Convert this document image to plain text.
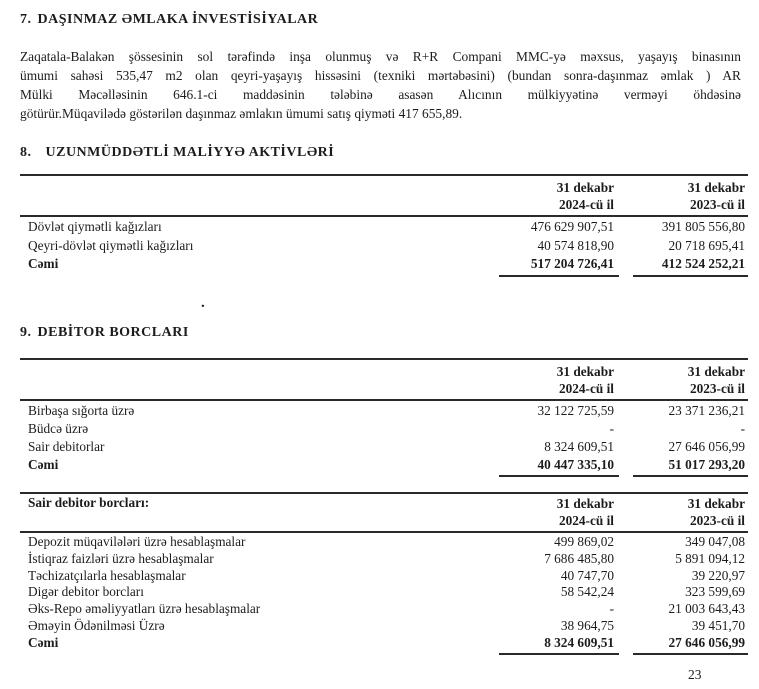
7. DAŞINMAZ ƏMLAKA İNVESTİSİYALAR
Zaqatala-Balakən şössesinin sol tərəfində inşa olunmuş və R+R Compani MMC-yə məxsus, yaşayış binasının
ümumi sahəsi 535,47 m2 olan qeyri-yaşayış hissəsini (texniki mərtəbəsini) (bundan sonra-daşınmaz əmlak ) AR
Mülki Məcəlləsinin 646.1-ci maddəsinin tələbinə asasən Alıcının mülkiyyətinə verməyi öhdəsinə
götürür.Müqavilədə göstərilən daşınmaz əmlakın ümumi satış qiyməti 417 655,89.
8. UZUNMÜDDƏTLİ MALİYYƏ AKTİVLƏRİ
31 dekabr
2024-cü il
31 dekabr
2023-cü il
Dövlət qiymətli kağızları	476 629 907,51	391 805 556,80
Qeyri-dövlət qiymətli kağızları	40 574 818,90	20 718 695,41
Cəmi	517 204 726,41	412 524 252,21
.
9. DEBİTOR BORCLARI
31 dekabr
2024-cü il
31 dekabr
2023-cü il
Birbaşa sığorta üzrə	32 122 725,59	23 371 236,21
Büdcə üzrə	-	-
Sair debitorlar	8 324 609,51	27 646 056,99
Cəmi	40 447 335,10	51 017 293,20
Sair debitor borcları:	31 dekabr
2024-cü il
31 dekabr
2023-cü il
Depozit müqavilələri üzrə hesablaşmalar	499 869,02	349 047,08
İstiqraz faizləri üzrə hesablaşmalar	7 686 485,80	5 891 094,12
Təchizatçılarla hesablaşmalar	40 747,70	39 220,97
Digər debitor borcları	58 542,24	323 599,69
Əks-Repo əməliyyatları üzrə hesablaşmalar	-	21 003 643,43
Əməyin Ödənilməsi Üzrə	38 964,75	39 451,70
Cəmi	8 324 609,51	27 646 056,99
23
